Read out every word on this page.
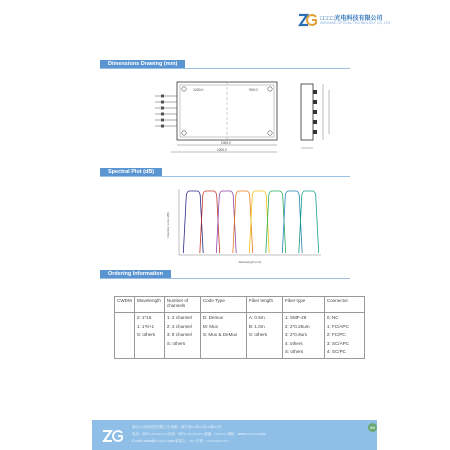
□□□□光电科技有限公司
ZHEJIANG OPTICAL TECHNOLOGY CO.,LTD
Dimensions Drawing (mm)
1200.0	900.0
1000.0
1200.0
Spectral Plot (dB)
Insertion Loss (dB)
Wavelength (nm)
Ordering Information
CWDM	Wavelength	Number of channels	Code Type	Fiber length	Fiber type	Connector

	2: 1*16
1: 1*8+1
S: others	1: 2 channel
2: 4 channel
3: 8 channel
S: others	D: Demux
M: Mux
S: Mux & DeMux	A: 0.5m
B: 1.0m
S: others	1: SMF-28
2: 2*0.25um
3: 2*0.9um
4: others
S: others	0: NC
1: FC/APC
2: FC/PC
3: SC/APC
4: SC/PC
浙江□□光电科技有限公司 地址：浙江省□□市□□区□□路□□号
电话：0571-□□□□□□□□ 传真：0571-□□□□□□□□ 邮编：□□□□□□ 网址：www.□□□□□□.com
E-mail: sales@□□□□□□.com 联系人：□□□ 手机：□□□□□□□□□□□
03
